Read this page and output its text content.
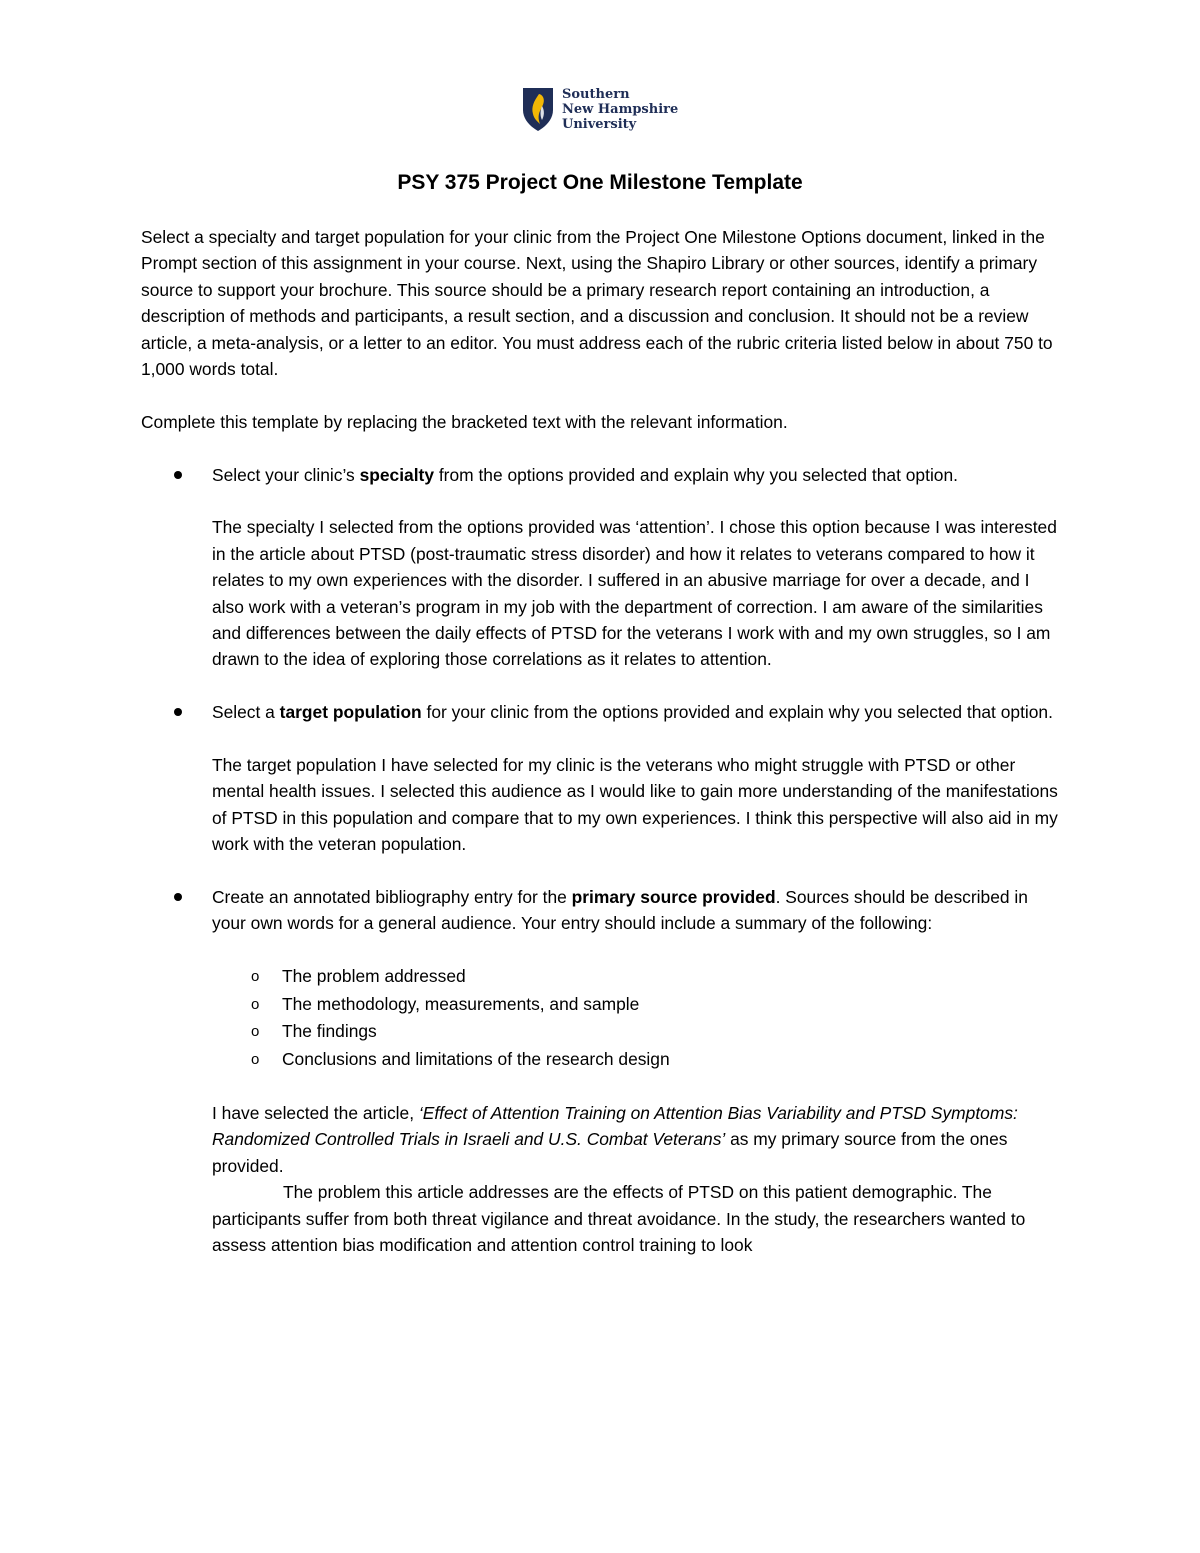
Southern
New Hampshire
University
PSY 375 Project One Milestone Template

Select a specialty and target population for your clinic from the Project One Milestone Options document, linked in the Prompt section of this assignment in your course. Next, using the Shapiro Library or other sources, identify a primary source to support your brochure. This source should be a primary research report containing an introduction, a description of methods and participants, a result section, and a discussion and conclusion. It should not be a review article, a meta-analysis, or a letter to an editor. You must address each of the rubric criteria listed below in about 750 to 1,000 words total.

Complete this template by replacing the bracketed text with the relevant information.

Select your clinic’s specialty from the options provided and explain why you selected that option.

The specialty I selected from the options provided was ‘attention’. I chose this option because I was interested in the article about PTSD (post-traumatic stress disorder) and how it relates to veterans compared to how it relates to my own experiences with the disorder. I suffered in an abusive marriage for over a decade, and I also work with a veteran’s program in my job with the department of correction. I am aware of the similarities and differences between the daily effects of PTSD for the veterans I work with and my own struggles, so I am drawn to the idea of exploring those correlations as it relates to attention.

Select a target population for your clinic from the options provided and explain why you selected that option.

The target population I have selected for my clinic is the veterans who might struggle with PTSD or other mental health issues. I selected this audience as I would like to gain more understanding of the manifestations of PTSD in this population and compare that to my own experiences. I think this perspective will also aid in my work with the veteran population.

Create an annotated bibliography entry for the primary source provided. Sources should be described in your own words for a general audience. Your entry should include a summary of the following:

o The problem addressed

o The methodology, measurements, and sample

o The findings

o Conclusions and limitations of the research design

I have selected the article, ‘Effect of Attention Training on Attention Bias Variability and PTSD Symptoms: Randomized Controlled Trials in Israeli and U.S. Combat Veterans’ as my primary source from the ones provided.

The problem this article addresses are the effects of PTSD on this patient demographic. The participants suffer from both threat vigilance and threat avoidance. In the study, the researchers wanted to assess attention bias modification and attention control training to look
